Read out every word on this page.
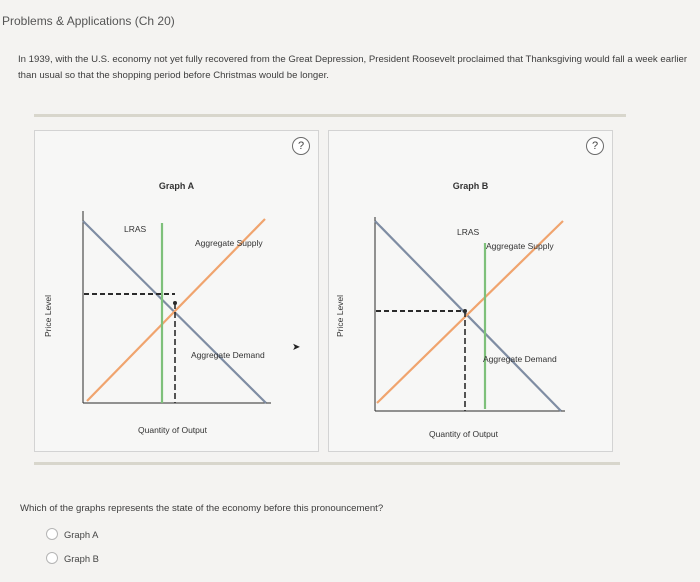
Problems & Applications (Ch 20)
In 1939, with the U.S. economy not yet fully recovered from the Great Depression, President Roosevelt proclaimed that Thanksgiving would fall a week earlier than usual so that the shopping period before Christmas would be longer.
?
Graph A
LRAS
Aggregate Supply
Aggregate Demand
Quantity of Output
Price Level
?
Graph B
LRAS
Aggregate Supply
Aggregate Demand
Quantity of Output
Price Level
➤
Which of the graphs represents the state of the economy before this pronouncement?
Graph A
Graph B
